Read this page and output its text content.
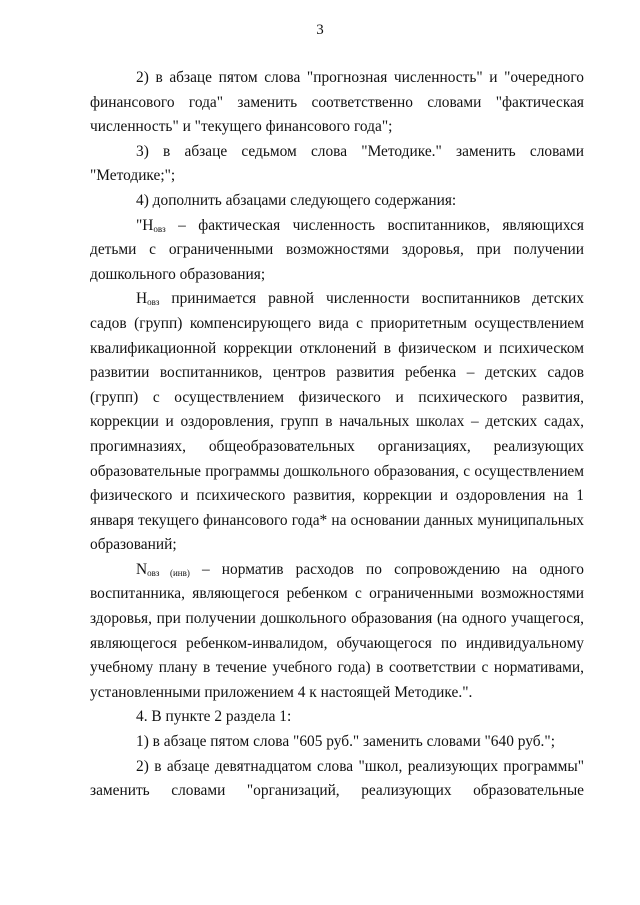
3

2) в абзаце пятом слова "прогнозная численность" и "очередного финансового года" заменить соответственно словами "фактическая численность" и "текущего финансового года";

3) в абзаце седьмом слова "Методике." заменить словами "Методике;";

4) дополнить абзацами следующего содержания:

"$Н_{овз}$ – фактическая численность воспитанников, являющихся детьми с ограниченными возможностями здоровья, при получении дошкольного образования;

$Н_{овз}$ принимается равной численности воспитанников детских садов (групп) компенсирующего вида с приоритетным осуществлением квалификационной коррекции отклонений в физическом и психическом развитии воспитанников, центров развития ребенка – детских садов (групп) с осуществлением физического и психического развития, коррекции и оздоровления, групп в начальных школах – детских садах, прогимназиях, общеобразовательных организациях, реализующих образовательные программы дошкольного образования, с осуществлением физического и психического развития, коррекции и оздоровления на 1 января текущего финансового года* на основании данных муниципальных образований;

$N_{овз (инв)}$ – норматив расходов по сопровождению на одного воспитанника, являющегося ребенком с ограниченными возможностями здоровья, при получении дошкольного образования (на одного учащегося, являющегося ребенком-инвалидом, обучающегося по индивидуальному учебному плану в течение учебного года) в соответствии с нормативами, установленными приложением 4 к настоящей Методике.".

4. В пункте 2 раздела 1:

1) в абзаце пятом слова "605 руб." заменить словами "640 руб.";

2) в абзаце девятнадцатом слова "школ, реализующих программы" заменить словами "организаций, реализующих образовательные
